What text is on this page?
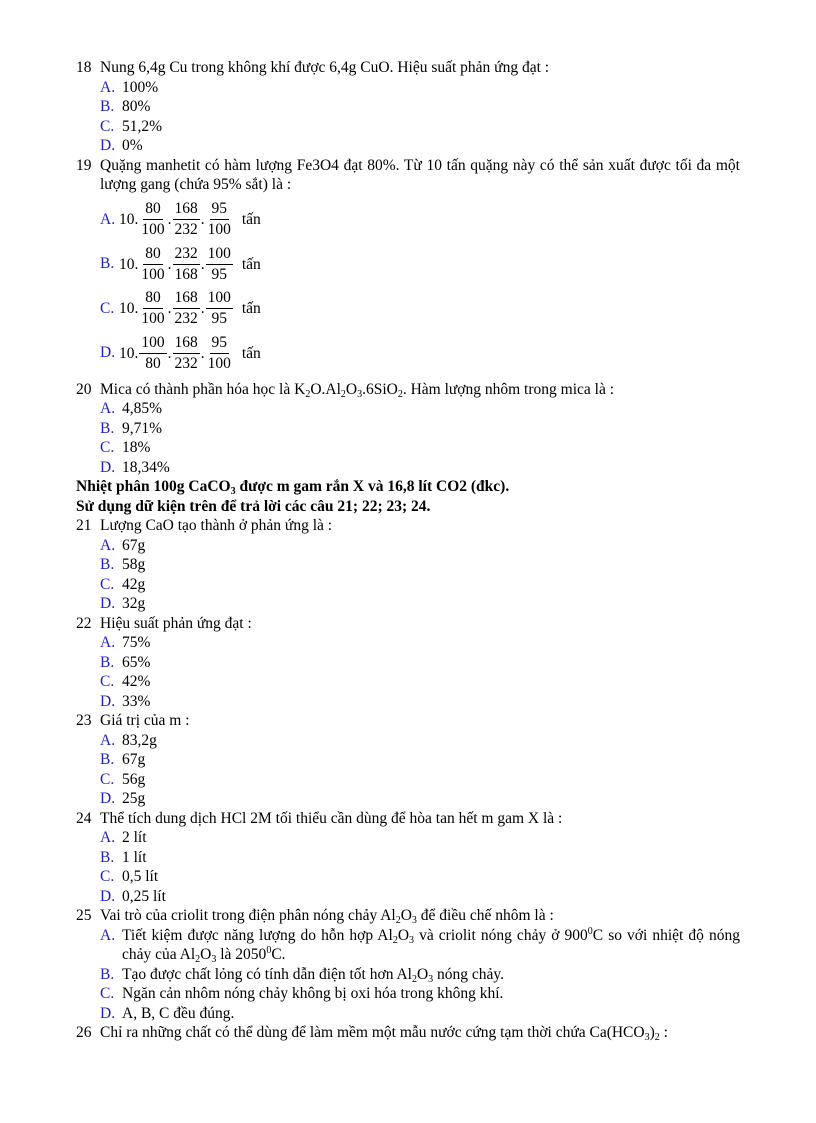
18 Nung 6,4g Cu trong không khí được 6,4g CuO. Hiệu suất phản ứng đạt :
A. 100%
B. 80%
C. 51,2%
D. 0%
19 Quặng manhetit có hàm lượng Fe3O4 đạt 80%. Từ 10 tấn quặng này có thể sản xuất được tối đa một lượng gang (chứa 95% sắt) là :
A. 10. $\frac{80}{100}$ . $\frac{168}{232}$ . $\frac{95}{100}$ tấn
B. 10. $\frac{80}{100}$ . $\frac{232}{168}$ . $\frac{100}{95}$ tấn
C. 10. $\frac{80}{100}$ . $\frac{168}{232}$ . $\frac{100}{95}$ tấn
D. 10. $\frac{100}{80}$ . $\frac{168}{232}$ . $\frac{95}{100}$ tấn
20 Mica có thành phần hóa học là $K_2O.Al_2O_3.6SiO_2$. Hàm lượng nhôm trong mica là :
A. 4,85%
B. 9,71%
C. 18%
D. 18,34%
Nhiệt phân 100g CaCO$_3$ được m gam rắn X và 16,8 lít CO2 (đkc).
Sử dụng dữ kiện trên để trả lời các câu 21; 22; 23; 24.
21 Lượng CaO tạo thành ở phản ứng là :
A. 67g
B. 58g
C. 42g
D. 32g
22 Hiệu suất phản ứng đạt :
A. 75%
B. 65%
C. 42%
D. 33%
23 Giá trị của m :
A. 83,2g
B. 67g
C. 56g
D. 25g
24 Thể tích dung dịch HCl 2M tối thiểu cần dùng để hòa tan hết m gam X là :
A. 2 lít
B. 1 lít
C. 0,5 lít
D. 0,25 lít
25 Vai trò của criolit trong điện phân nóng chảy $Al_2O_3$ để điều chế nhôm là :
A. Tiết kiệm được năng lượng do hỗn hợp $Al_2O_3$ và criolit nóng chảy ở $900^0C$ so với nhiệt độ nóng chảy của $Al_2O_3$ là 2050$^0$C.
B. Tạo được chất lỏng có tính dẫn điện tốt hơn $Al_2O_3$ nóng chảy.
C. Ngăn cản nhôm nóng chảy không bị oxi hóa trong không khí.
D. A, B, C đều đúng.
26 Chỉ ra những chất có thể dùng để làm mềm một mẫu nước cứng tạm thời chứa $Ca(HCO_3)_2$ :
